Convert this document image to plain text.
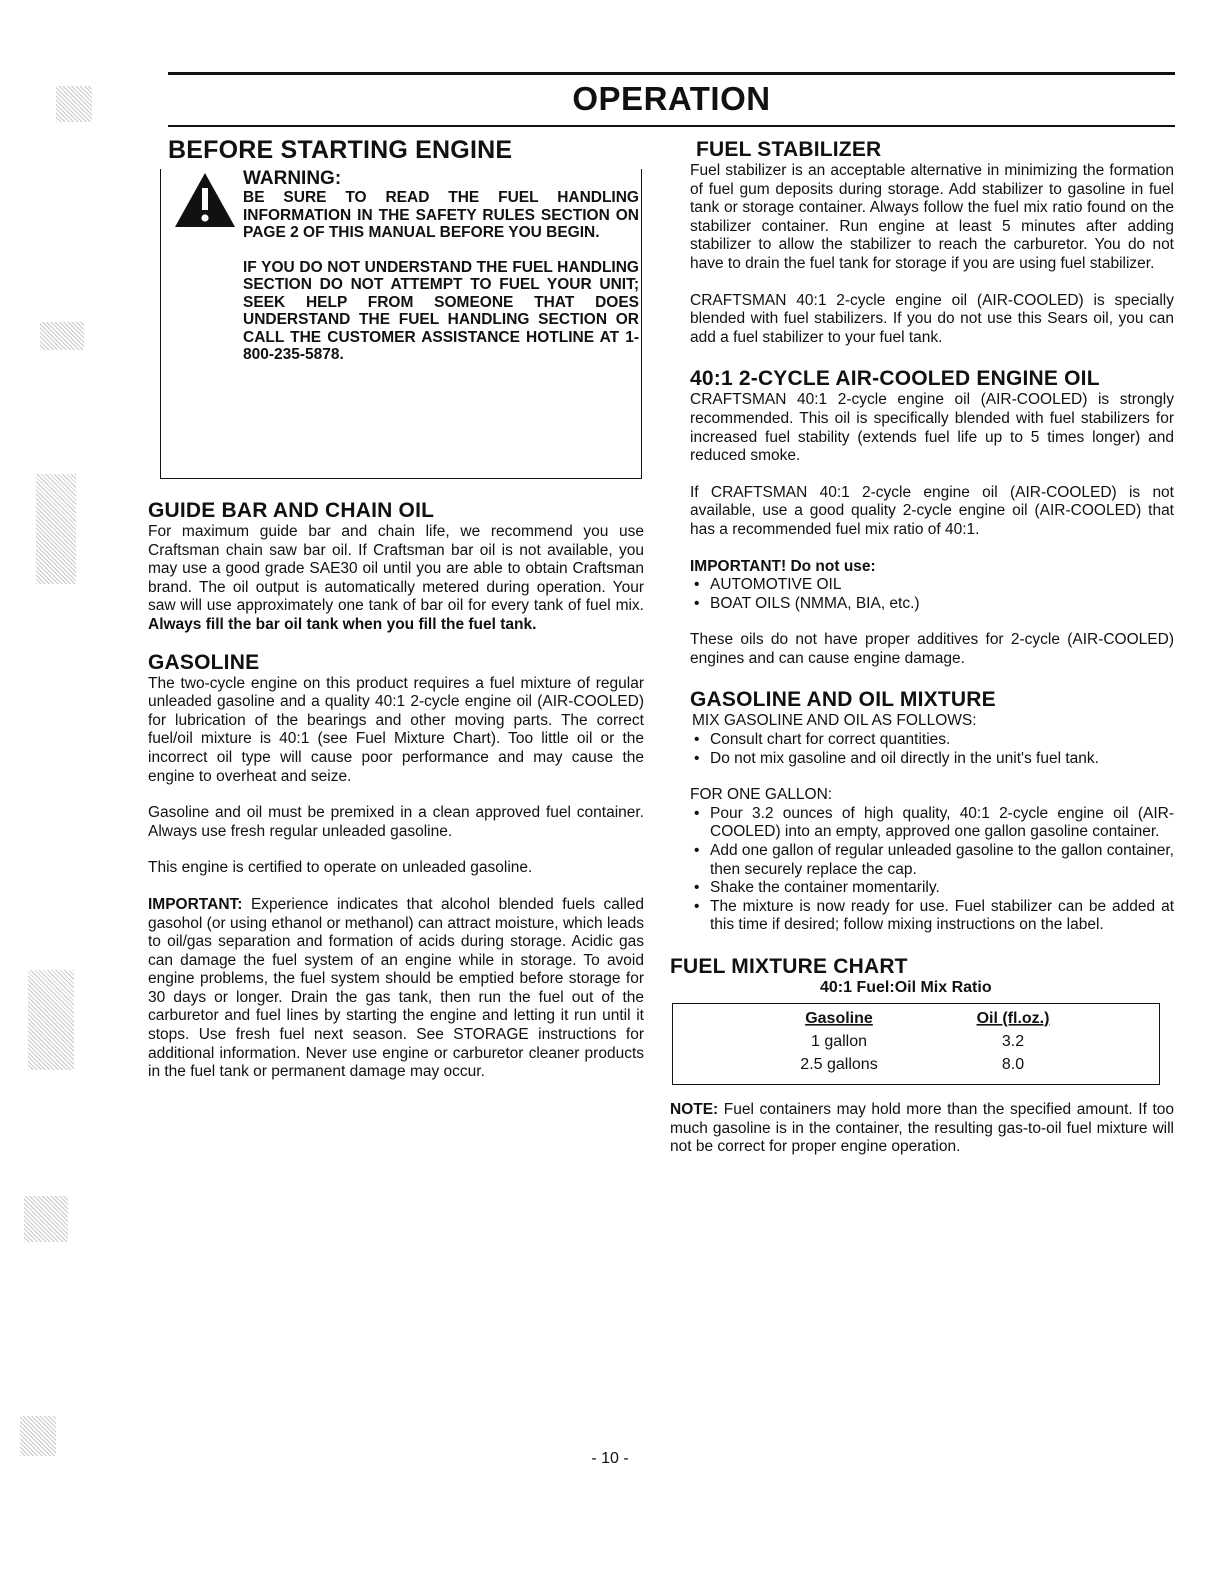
OPERATION
BEFORE STARTING ENGINE

WARNING:

BE SURE TO READ THE FUEL HANDLING INFORMATION IN THE SAFETY RULES SECTION ON PAGE 2 OF THIS MANUAL BEFORE YOU BEGIN.

IF YOU DO NOT UNDERSTAND THE FUEL HANDLING SECTION DO NOT ATTEMPT TO FUEL YOUR UNIT; SEEK HELP FROM SOMEONE THAT DOES UNDERSTAND THE FUEL HANDLING SECTION OR CALL THE CUSTOMER ASSISTANCE HOTLINE AT 1-800-235-5878.

GUIDE BAR AND CHAIN OIL

For maximum guide bar and chain life, we recommend you use Craftsman chain saw bar oil. If Craftsman bar oil is not available, you may use a good grade SAE30 oil until you are able to obtain Craftsman brand. The oil output is automatically metered during operation. Your saw will use approximately one tank of bar oil for every tank of fuel mix. Always fill the bar oil tank when you fill the fuel tank.

GASOLINE

The two-cycle engine on this product requires a fuel mixture of regular unleaded gasoline and a quality 40:1 2-cycle engine oil (AIR-COOLED) for lubrication of the bearings and other moving parts. The correct fuel/oil mixture is 40:1 (see Fuel Mixture Chart). Too little oil or the incorrect oil type will cause poor performance and may cause the engine to overheat and seize.

Gasoline and oil must be premixed in a clean approved fuel container. Always use fresh regular unleaded gasoline.

This engine is certified to operate on unleaded gasoline.

IMPORTANT: Experience indicates that alcohol blended fuels called gasohol (or using ethanol or methanol) can attract moisture, which leads to oil/gas separation and formation of acids during storage. Acidic gas can damage the fuel system of an engine while in storage. To avoid engine problems, the fuel system should be emptied before storage for 30 days or longer. Drain the gas tank, then run the fuel out of the carburetor and fuel lines by starting the engine and letting it run until it stops. Use fresh fuel next season. See STORAGE instructions for additional information. Never use engine or carburetor cleaner products in the fuel tank or permanent damage may occur.

FUEL STABILIZER

Fuel stabilizer is an acceptable alternative in minimizing the formation of fuel gum deposits during storage. Add stabilizer to gasoline in fuel tank or storage container. Always follow the fuel mix ratio found on the stabilizer container. Run engine at least 5 minutes after adding stabilizer to allow the stabilizer to reach the carburetor. You do not have to drain the fuel tank for storage if you are using fuel stabilizer.

CRAFTSMAN 40:1 2-cycle engine oil (AIR-COOLED) is specially blended with fuel stabilizers. If you do not use this Sears oil, you can add a fuel stabilizer to your fuel tank.

40:1 2-CYCLE AIR-COOLED ENGINE OIL

CRAFTSMAN 40:1 2-cycle engine oil (AIR-COOLED) is strongly recommended. This oil is specifically blended with fuel stabilizers for increased fuel stability (extends fuel life up to 5 times longer) and reduced smoke.

If CRAFTSMAN 40:1 2-cycle engine oil (AIR-COOLED) is not available, use a good quality 2-cycle engine oil (AIR-COOLED) that has a recommended fuel mix ratio of 40:1.

IMPORTANT! Do not use:

• AUTOMOTIVE OIL
• BOAT OILS (NMMA, BIA, etc.)

These oils do not have proper additives for 2-cycle (AIR-COOLED) engines and can cause engine damage.

GASOLINE AND OIL MIXTURE

MIX GASOLINE AND OIL AS FOLLOWS:

• Consult chart for correct quantities.
• Do not mix gasoline and oil directly in the unit's fuel tank.

FOR ONE GALLON:

• Pour 3.2 ounces of high quality, 40:1 2-cycle engine oil (AIR-COOLED) into an empty, approved one gallon gasoline container.
• Add one gallon of regular unleaded gasoline to the gallon container, then securely replace the cap.
• Shake the container momentarily.
• The mixture is now ready for use. Fuel stabilizer can be added at this time if desired; follow mixing instructions on the label.
FUEL MIXTURE CHART

40:1 Fuel:Oil Mix Ratio

Gasoline	Oil (fl.oz.)
1 gallon	3.2
2.5 gallons	8.0

NOTE: Fuel containers may hold more than the specified amount. If too much gasoline is in the container, the resulting gas-to-oil fuel mixture will not be correct for proper engine operation.

- 10 -
